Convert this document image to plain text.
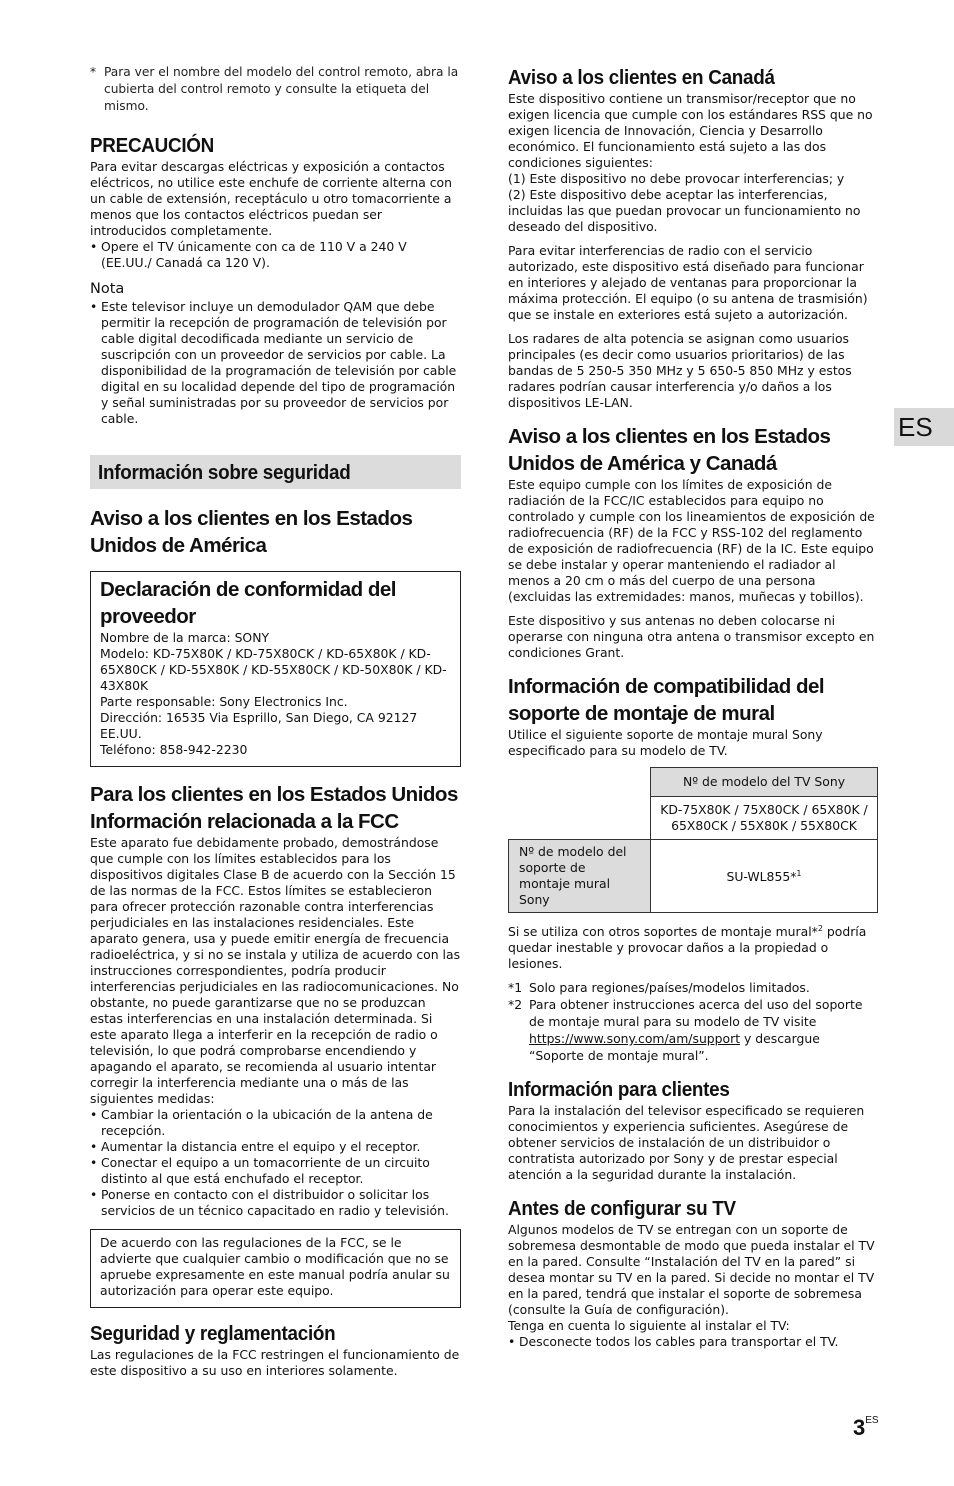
* Para ver el nombre del modelo del control remoto, abra la cubierta del control remoto y consulte la etiqueta del mismo.
PRECAUCIÓN

Para evitar descargas eléctricas y exposición a contactos eléctricos, no utilice este enchufe de corriente alterna con un cable de extensión, receptáculo u otro tomacorriente a menos que los contactos eléctricos puedan ser introducidos completamente.

• Opere el TV únicamente con ca de 110 V a 240 V (EE.UU./ Canadá ca 120 V).
Nota
• Este televisor incluye un demodulador QAM que debe permitir la recepción de programación de televisión por cable digital decodificada mediante un servicio de suscripción con un proveedor de servicios por cable. La disponibilidad de la programación de televisión por cable digital en su localidad depende del tipo de programación y señal suministradas por su proveedor de servicios por cable.
Información sobre seguridad
Aviso a los clientes en los Estados Unidos de América
Declaración de conformidad del proveedor

Nombre de la marca: SONY

Modelo: KD-75X80K / KD-75X80CK / KD-65X80K / KD-65X80CK / KD-55X80K / KD-55X80CK / KD-50X80K / KD-43X80K

Parte responsable: Sony Electronics Inc.

Dirección: 16535 Via Esprillo, San Diego, CA 92127 EE.UU.

Teléfono: 858-942-2230

Para los clientes en los Estados Unidos Información relacionada a la FCC

Este aparato fue debidamente probado, demostrándose que cumple con los límites establecidos para los dispositivos digitales Clase B de acuerdo con la Sección 15 de las normas de la FCC. Estos límites se establecieron para ofrecer protección razonable contra interferencias perjudiciales en las instalaciones residenciales. Este aparato genera, usa y puede emitir energía de frecuencia radioeléctrica, y si no se instala y utiliza de acuerdo con las instrucciones correspondientes, podría producir interferencias perjudiciales en las radiocomunicaciones. No obstante, no puede garantizarse que no se produzcan estas interferencias en una instalación determinada. Si este aparato llega a interferir en la recepción de radio o televisión, lo que podrá comprobarse encendiendo y apagando el aparato, se recomienda al usuario intentar corregir la interferencia mediante una o más de las siguientes medidas:

• Cambiar la orientación o la ubicación de la antena de recepción.
• Aumentar la distancia entre el equipo y el receptor.
• Conectar el equipo a un tomacorriente de un circuito distinto al que está enchufado el receptor.
• Ponerse en contacto con el distribuidor o solicitar los servicios de un técnico capacitado en radio y televisión.

De acuerdo con las regulaciones de la FCC, se le advierte que cualquier cambio o modificación que no se apruebe expresamente en este manual podría anular su autorización para operar este equipo.

Seguridad y reglamentación

Las regulaciones de la FCC restringen el funcionamiento de este dispositivo a su uso en interiores solamente.

Aviso a los clientes en Canadá

Este dispositivo contiene un transmisor/receptor que no exigen licencia que cumple con los estándares RSS que no exigen licencia de Innovación, Ciencia y Desarrollo económico. El funcionamiento está sujeto a las dos condiciones siguientes:

(1) Este dispositivo no debe provocar interferencias; y

(2) Este dispositivo debe aceptar las interferencias, incluidas las que puedan provocar un funcionamiento no deseado del dispositivo.

Para evitar interferencias de radio con el servicio autorizado, este dispositivo está diseñado para funcionar en interiores y alejado de ventanas para proporcionar la máxima protección. El equipo (o su antena de trasmisión) que se instale en exteriores está sujeto a autorización.

Los radares de alta potencia se asignan como usuarios principales (es decir como usuarios prioritarios) de las bandas de 5 250-5 350 MHz y 5 650-5 850 MHz y estos radares podrían causar interferencia y/o daños a los dispositivos LE-LAN.

Aviso a los clientes en los Estados Unidos de América y Canadá

Este equipo cumple con los límites de exposición de radiación de la FCC/IC establecidos para equipo no controlado y cumple con los lineamientos de exposición de radiofrecuencia (RF) de la FCC y RSS-102 del reglamento de exposición de radiofrecuencia (RF) de la IC. Este equipo se debe instalar y operar manteniendo el radiador al menos a 20 cm o más del cuerpo de una persona (excluidas las extremidades: manos, muñecas y tobillos).

Este dispositivo y sus antenas no deben colocarse ni operarse con ninguna otra antena o transmisor excepto en condiciones Grant.

Información de compatibilidad del soporte de montaje de mural

Utilice el siguiente soporte de montaje mural Sony especificado para su modelo de TV.

	Nº de modelo del TV Sony
	KD-75X80K / 75X80CK / 65X80K / 65X80CK / 55X80K / 55X80CK
Nº de modelo del soporte de montaje mural Sony	SU-WL855*$^1$

Si se utiliza con otros soportes de montaje mural*$^2$ podría quedar inestable y provocar daños a la propiedad o lesiones.

*1 Solo para regiones/países/modelos limitados.
*2 Para obtener instrucciones acerca del uso del soporte de montaje mural para su modelo de TV visite https://www.sony.com/am/support y descargue “Soporte de montaje mural”.
Información para clientes

Para la instalación del televisor especificado se requieren conocimientos y experiencia suficientes. Asegúrese de obtener servicios de instalación de un distribuidor o contratista autorizado por Sony y de prestar especial atención a la seguridad durante la instalación.

Antes de configurar su TV

Algunos modelos de TV se entregan con un soporte de sobremesa desmontable de modo que pueda instalar el TV en la pared. Consulte “Instalación del TV en la pared” si desea montar su TV en la pared. Si decide no montar el TV en la pared, tendrá que instalar el soporte de sobremesa (consulte la Guía de configuración).

Tenga en cuenta lo siguiente al instalar el TV:

• Desconecte todos los cables para transportar el TV.
ES
$3^{ES}$
